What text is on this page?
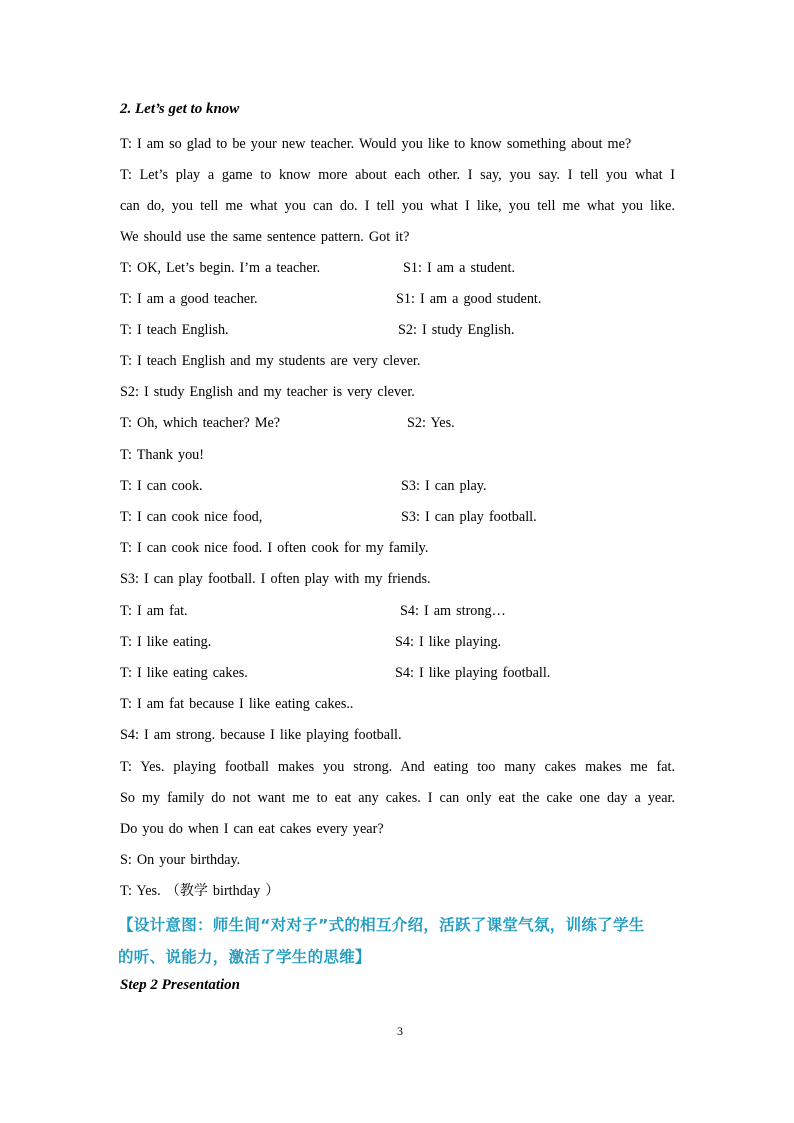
2. Let’s get to know
T: I am so glad to be your new teacher. Would you like to know something about me?
T: Let’s play a game to know more about each other. I say, you say. I tell you what I
can do, you tell me what you can do. I tell you what I like, you tell me what you like.
We should use the same sentence pattern. Got it?
T: OK, Let’s begin. I’m a teacher.	S1: I am a student.
T: I am a good teacher.	S1: I am a good student.
T: I teach English.	S2: I study English.
T: I teach English and my students are very clever.
S2: I study English and my teacher is very clever.
T: Oh, which teacher? Me?	S2: Yes.
T: Thank you!
T: I can cook.	S3: I can play.
T: I can cook nice food,	S3: I can play football.
T: I can cook nice food. I often cook for my family.
S3: I can play football. I often play with my friends.
T: I am fat.	S4: I am strong…
T: I like eating.	S4: I like playing.
T: I like eating cakes.	S4: I like playing football.
T: I am fat because I like eating cakes..
S4: I am strong. because I like playing football.
T: Yes. playing football makes you strong. And eating too many cakes makes me fat.
So my family do not want me to eat any cakes. I can only eat the cake one day a year.
Do you do when I can eat cakes every year?
S: On your birthday.
T: Yes. （教学 birthday ）
【设计意图：师生间“对对子”式的相互介绍，活跃了课堂气氛，训练了学生
的听、说能力，激活了学生的思维】
Step 2 Presentation
3
